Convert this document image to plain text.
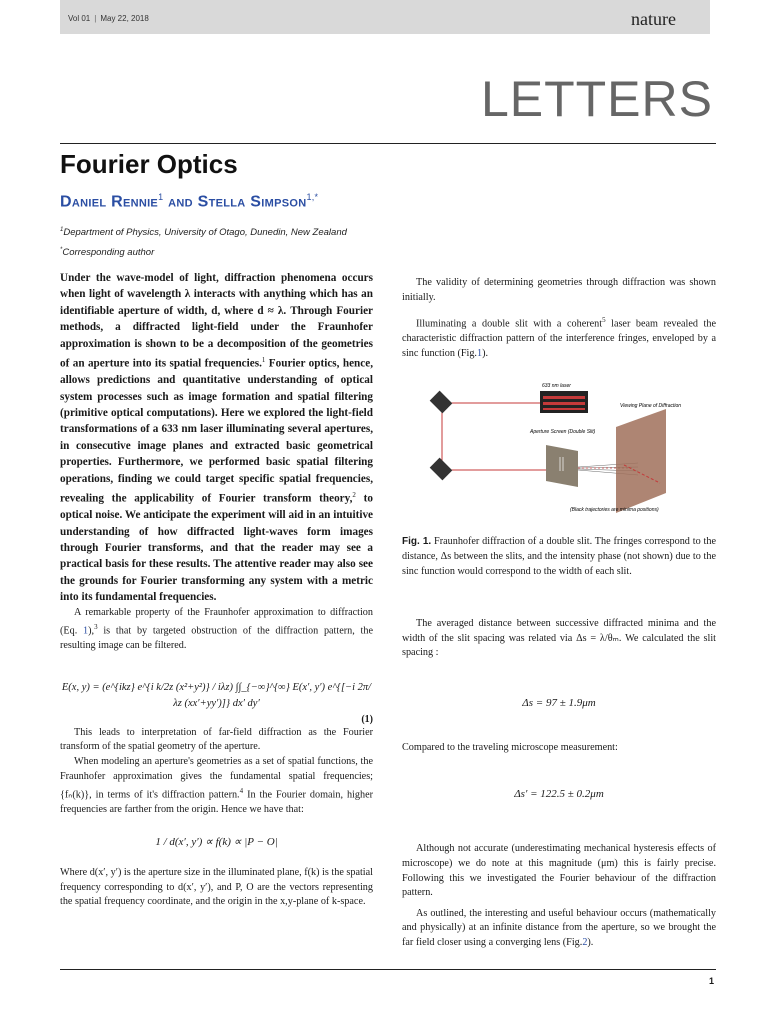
Vol 01 | May 22, 2018	nature
LETTERS
Fourier Optics
Daniel Rennie$^1$ and Stella Simpson$^{1,*}$
$^1$Department of Physics, University of Otago, Dunedin, New Zealand
*Corresponding author

Under the wave-model of light, diffraction phenomena occurs when light of wavelength λ interacts with anything which has an identifiable aperture of width, d, where d ≈ λ. Through Fourier methods, a diffracted light-field under the Fraunhofer approximation is shown to be a decomposition of the geometries of an aperture into its spatial frequencies.$^1$ Fourier optics, hence, allows predictions and quantitative understanding of optical system processes such as image formation and spatial filtering (primitive optical computations). Here we explored the light-field transformations of a 633 nm laser illuminating several apertures, in consecutive image planes and extracted basic geometrical properties. Furthermore, we performed basic spatial filtering operations, finding we could target specific spatial frequencies, revealing the applicability of Fourier transform theory,$^2$ to optical noise. We anticipate the experiment will aid in an intuitive understanding of how diffracted light-waves form images through Fourier transforms, and that the reader may see a practical basis for these results. The attentive reader may also see the grounds for Fourier transforming any system with a metric into its fundamental frequencies.

A remarkable property of the Fraunhofer approximation to diffraction (Eq. 1),$^3$ is that by targeted obstruction of the diffraction pattern, the resulting image can be filtered.

E(x, y) = (e^{ikz} e^{i k/2z (x²+y²)} / iλz) ∫∫_{−∞}^{∞} E(x′, y′) e^{[−i 2π/λz (xx′+yy′)]} dx′ dy′
(1)

This leads to interpretation of far-field diffraction as the Fourier transform of the spatial geometry of the aperture.

When modeling an aperture's geometries as a set of spatial functions, the Fraunhofer approximation gives the fundamental spatial frequencies; {fₙ(k)}, in terms of it's diffraction pattern.$^4$ In the Fourier domain, higher frequencies are farther from the origin. Hence we have that:

1 / d(x′, y′) ∝ f(k) ∝ |P − O|

Where d(x′, y′) is the aperture size in the illuminated plane, f(k) is the spatial frequency corresponding to d(x′, y′), and P, O are the vectors representing the spatial frequency coordinate, and the origin in the x,y-plane of k-space.

The validity of determining geometries through diffraction was shown initially.

Illuminating a double slit with a coherent$^5$ laser beam revealed the characteristic diffraction pattern of the interference fringes, enveloped by a sinc function (Fig.1).

633 nm laser
Aperture Screen (Double Slit)
Viewing Plane of Diffraction
(Black trajectories are minima positions)

Fig. 1. Fraunhofer diffraction of a double slit. The fringes correspond to the distance, Δs between the slits, and the intensity phase (not shown) due to the sinc function would correspond to the width of each slit.

The averaged distance between successive diffracted minima and the width of the slit spacing was related via Δs = λ/θₘ. We calculated the slit spacing :

Δs = 97 ± 1.9μm

Compared to the traveling microscope measurement:

Δs′ = 122.5 ± 0.2μm

Although not accurate (underestimating mechanical hysteresis effects of microscope) we do note at this magnitude (μm) this is fairly precise. Following this we investigated the Fourier behaviour of the diffraction pattern.

As outlined, the interesting and useful behaviour occurs (mathematically and physically) at an infinite distance from the aperture, so we brought the far field closer using a converging lens (Fig.2).

1
